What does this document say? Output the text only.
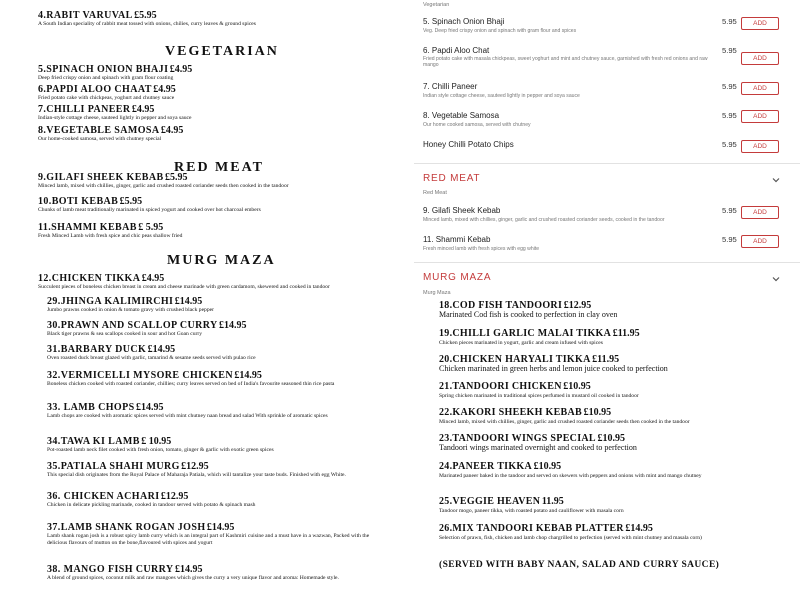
4.RABIT VARUVAL £5.95
A South Indian speciality of rabbit meat tossed with onions, chilies, curry leaves & ground spices
VEGETARIAN
5.SPINACH ONION BHAJI £4.95
Deep fried crispy onion and spinach with gram flour coating
6.PAPDI ALOO CHAAT £4.95
Fried potato cake with chickpeas, yoghurt and chutney sauce
7.CHILLI PANEER £4.95
Indian-style cottage cheese, sauteed lightly in pepper and soya sauce
8.VEGETABLE SAMOSA £4.95
Our home-cooked samosa, served with chutney special
RED MEAT
9.GILAFI SHEEK KEBAB £5.95
Minced lamb, mixed with chillies, ginger, garlic and crushed roasted coriander seeds then cooked in the tandoor
10.BOTI KEBAB £5.95
Chunks of lamb meat traditionally marinated in spiced yogurt and cooked over hot charcoal embers
11.SHAMMI KEBAB £ 5.95
Fresh Minced Lamb with fresh spice and chic peas shallow fried
MURG MAZA
12.CHICKEN TIKKA £4.95
Succulent pieces of boneless chicken breast in cream and cheese marinade with green cardamom, skewered and cooked in tandoor
29.JHINGA KALIMIRCHI £14.95
Jumbo prawns cooked in onion & tomato gravy with crushed black pepper
30.PRAWN AND SCALLOP CURRY £14.95
Black tiger prawns & sea scallops cooked in sour and hot Goan curry
31.BARBARY DUCK £14.95
Oven roasted duck breast glazed with garlic, tamarind & sesame seeds served with pulao rice
32.VERMICELLI MYSORE CHICKEN £14.95
Boneless chicken cooked with roasted coriander, chillies; curry leaves served on bed of India's favourite seasoned thin rice pasta
33. LAMB CHOPS £14.95
Lamb chops are cooked with aromatic spices served with mint chutney naan bread and salad With sprinkle of aromatic spices
34.TAWA KI LAMB £ 10.95
Pot-roasted lamb neck filet cooked with fresh onion, tomato, ginger & garlic with exotic green spices
35.PATIALA SHAHI MURG £12.95
This special dish originates from the Royal Palace of Maharaja Patiala, which will tantalize your taste buds. Finished with egg White.
36. CHICKEN ACHARI £12.95
Chicken in delicate pickling marinade, cooked in tandoor served with potato & spinach mash
37.LAMB SHANK ROGAN JOSH £14.95
Lamb shank rogan josh is a robust spicy lamb curry which is an integral part of Kashmiri cuisine and a must have in a wazwan, Packed with the delicious flavours of mutton on the bone,flavoured with spices and yogurt
38. MANGO FISH CURRY £14.95
A blend of ground spices, coconut milk and raw mangoes which gives the curry a very unique flavor and aroma: Homemade style.
Vegetarian
5. Spinach Onion Bhaji
Veg. Deep fried crispy onion and spinach with gram flour and spices
5.95	ADD
6. Papdi Aloo Chat
Fried potato cake with masala chickpeas, sweet yoghurt and mint and chutney sauce, garnished with fresh red onions and raw mango
5.95
ADD
7. Chilli Paneer
Indian style cottage cheese, sauteed lightly in pepper and soya sauce
5.95	ADD
8. Vegetable Samosa
Our home cooked samosa, served with chutney
5.95	ADD
Honey Chilli Potato Chips	5.95	ADD
RED MEAT
Red Meat
9. Gilafi Sheek Kebab
Minced lamb, mixed with chillies, ginger, garlic and crushed roasted coriander seeds, cooked in the tandoor
5.95	ADD
11. Shammi Kebab
Fresh minced lamb with fresh spices with egg white
5.95	ADD
MURG MAZA
Murg Maza
18.COD FISH TANDOORI £12.95
Marinated Cod fish is cooked to perfection in clay oven
19.CHILLI GARLIC MALAI TIKKA £11.95
Chicken pieces marinated in yogurt, garlic and cream infused with spices
20.CHICKEN HARYALI TIKKA £11.95
Chicken marinated in green herbs and lemon juice cooked to perfection
21.TANDOORI CHICKEN £10.95
Spring chicken marinated in traditional spices perfumed in mustard oil cooked in tandoor
22.KAKORI SHEEKH KEBAB £10.95
Minced lamb, mixed with chillies, ginger, garlic and crushed roasted coriander seeds then cooked in the tandoor
23.TANDOORI WINGS SPECIAL £10.95
Tandoori wings marinated overnight and cooked to perfection
24.PANEER TIKKA £10.95
Marinated paneer baked in the tandoor and served on skewers with peppers and onions with mint and mango chutney
25.VEGGIE HEAVEN 11.95
Tandoor mogo, paneer tikka, with roasted potato and cauliflower with masala corn
26.MIX TANDOORI KEBAB PLATTER £14.95
Selection of prawn, fish, chicken and lamb chop chargrilled to perfection (served with mint chutney and masala corn)
(SERVED WITH BABY NAAN, SALAD AND CURRY SAUCE)
